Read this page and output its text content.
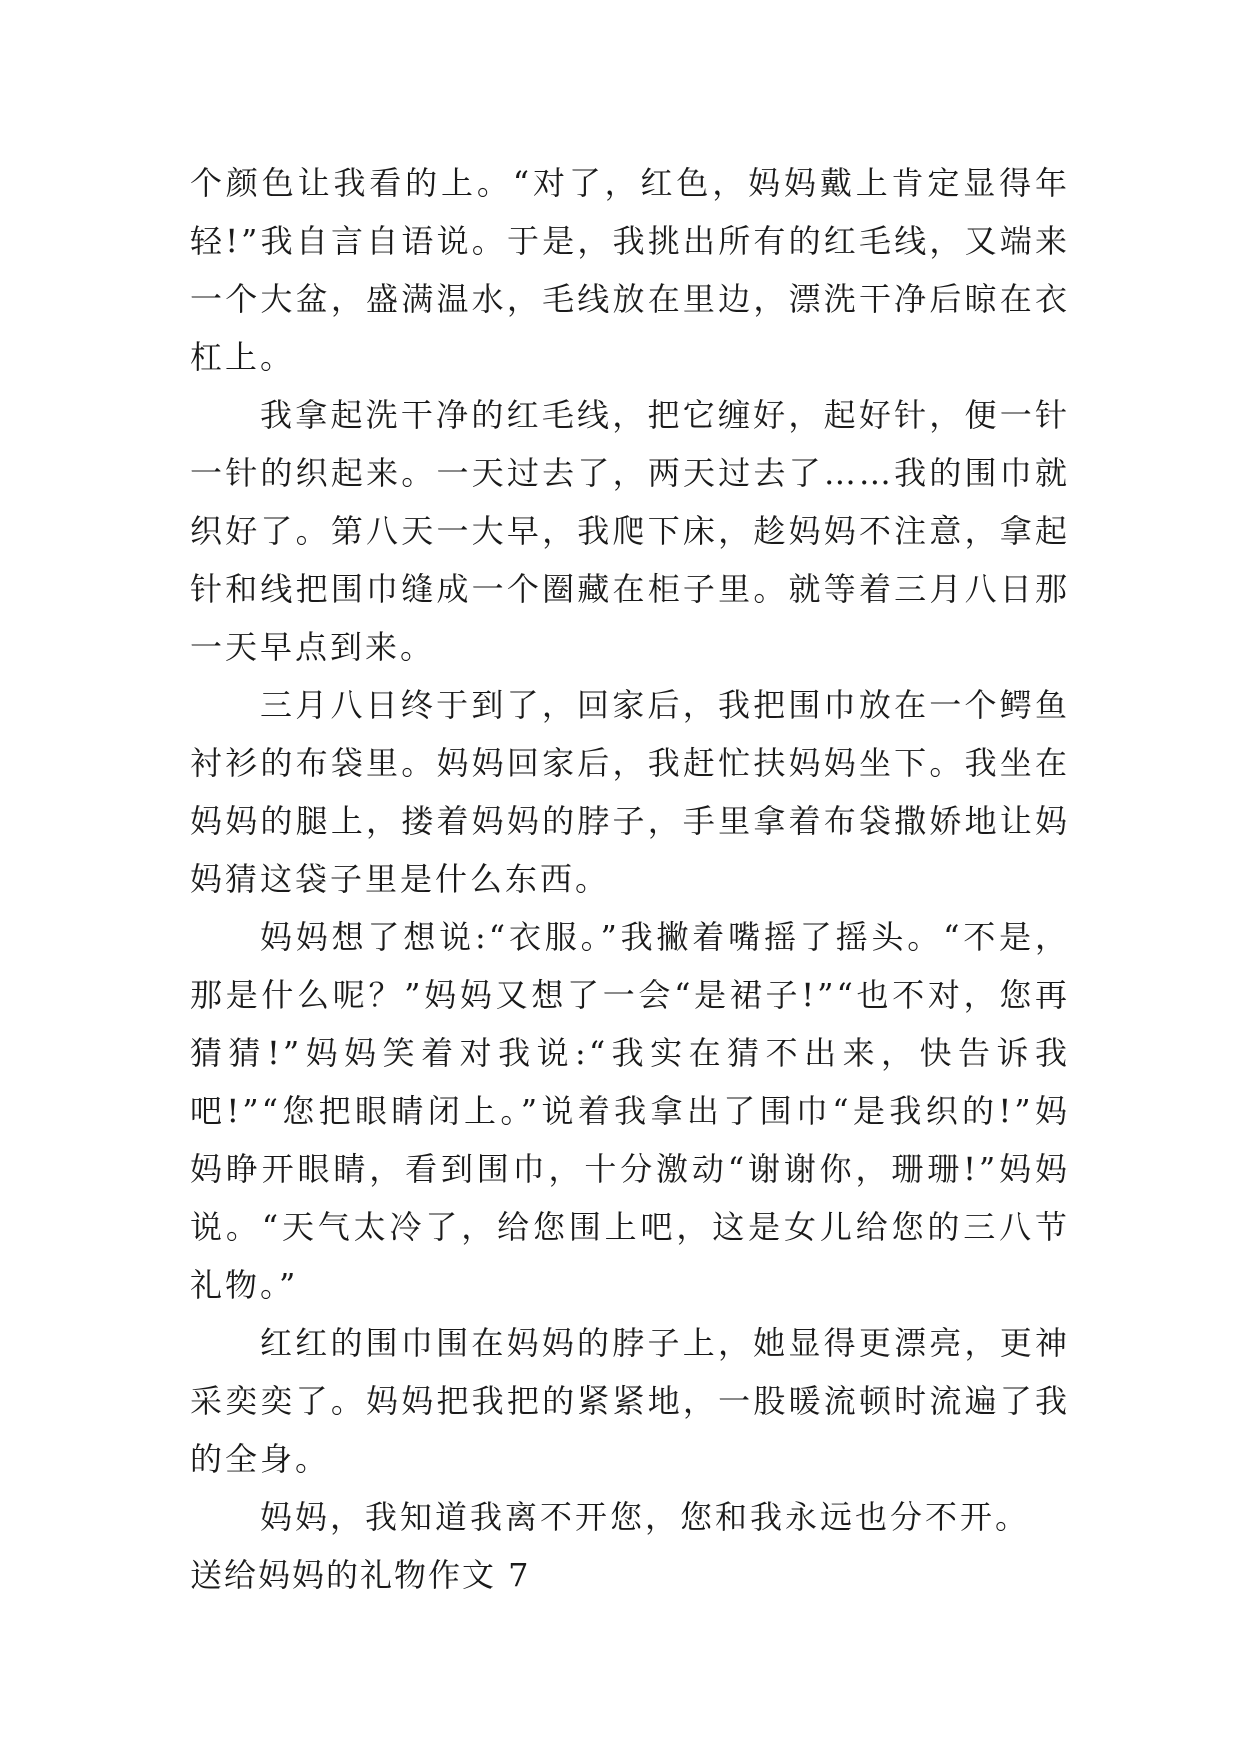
个颜色让我看的上。“对了，红色，妈妈戴上肯定显得年轻!”我自言自语说。于是，我挑出所有的红毛线，又端来一个大盆，盛满温水，毛线放在里边，漂洗干净后晾在衣杠上。

我拿起洗干净的红毛线，把它缠好，起好针，便一针一针的织起来。一天过去了，两天过去了……我的围巾就织好了。第八天一大早，我爬下床，趁妈妈不注意，拿起针和线把围巾缝成一个圈藏在柜子里。就等着三月八日那一天早点到来。

三月八日终于到了，回家后，我把围巾放在一个鳄鱼衬衫的布袋里。妈妈回家后，我赶忙扶妈妈坐下。我坐在妈妈的腿上，搂着妈妈的脖子，手里拿着布袋撒娇地让妈妈猜这袋子里是什么东西。

妈妈想了想说:“衣服。”我撇着嘴摇了摇头。“不是，那是什么呢？”妈妈又想了一会“是裙子!”“也不对，您再猜猜!”妈妈笑着对我说:“我实在猜不出来，快告诉我吧!”“您把眼睛闭上。”说着我拿出了围巾“是我织的!”妈妈睁开眼睛，看到围巾，十分激动“谢谢你，珊珊!”妈妈说。“天气太冷了，给您围上吧，这是女儿给您的三八节礼物。”

红红的围巾围在妈妈的脖子上，她显得更漂亮，更神采奕奕了。妈妈把我把的紧紧地，一股暖流顿时流遍了我的全身。

妈妈，我知道我离不开您，您和我永远也分不开。

送给妈妈的礼物作文 7
